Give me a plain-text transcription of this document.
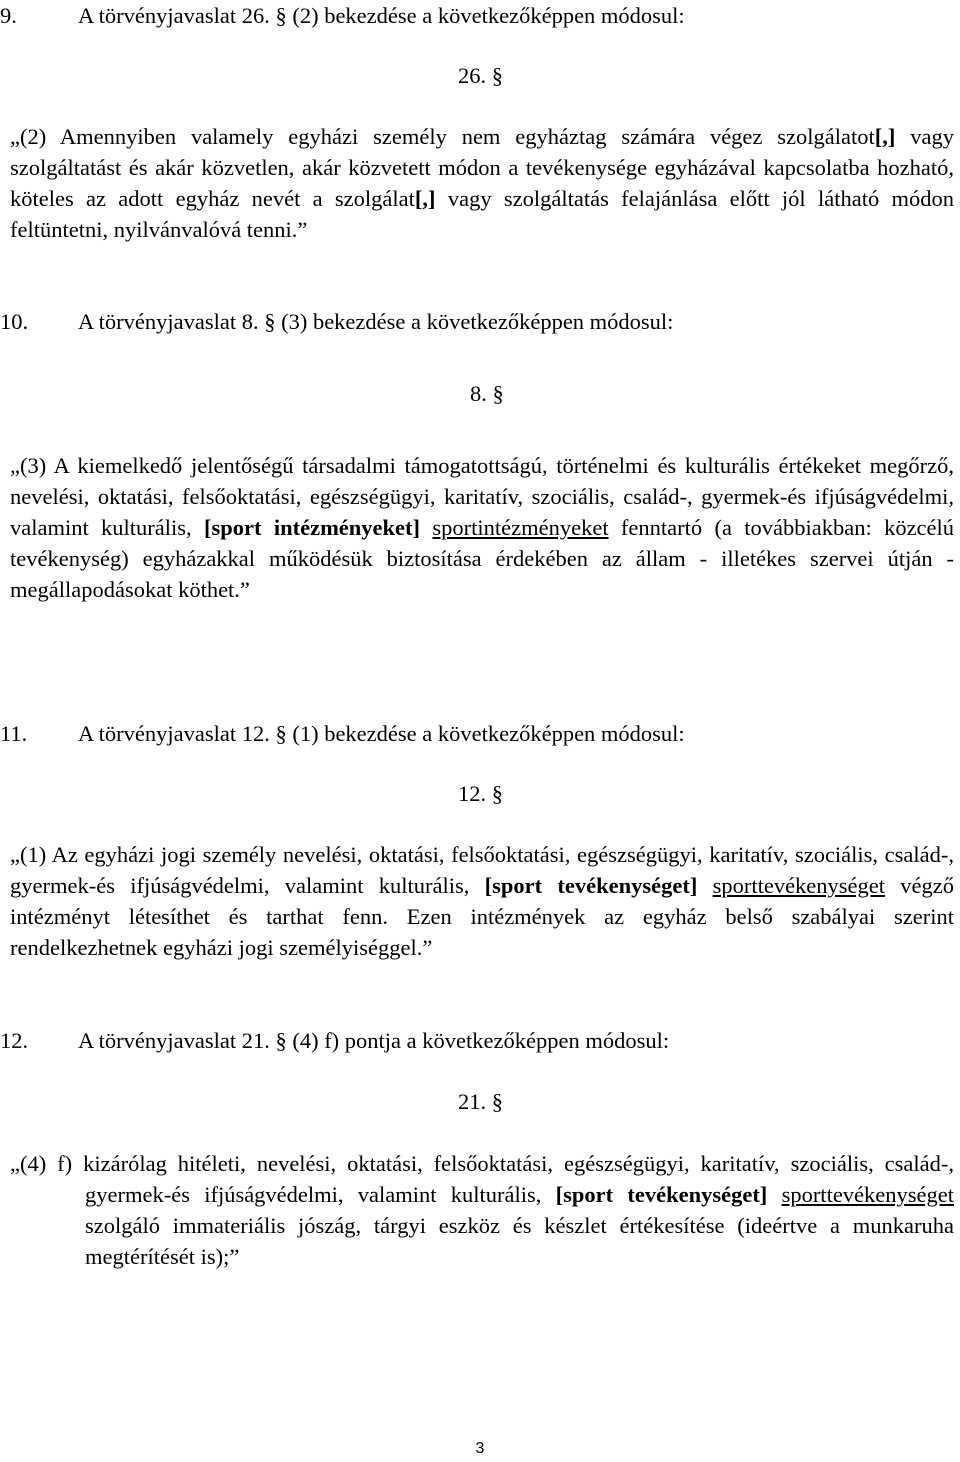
9.	A törvényjavaslat 26. § (2) bekezdése a következőképpen módosul:
26. §

„(2) Amennyiben valamely egyházi személy nem egyháztag számára végez szolgálatot[,] vagy szolgáltatást és akár közvetlen, akár közvetett módon a tevékenysége egyházával kapcsolatba hozható, köteles az adott egyház nevét a szolgálat[,] vagy szolgáltatás felajánlása előtt jól látható módon feltüntetni, nyilvánvalóvá tenni.”

10. A törvényjavaslat 8. § (3) bekezdése a következőképpen módosul:
8. §

„(3) A kiemelkedő jelentőségű társadalmi támogatottságú, történelmi és kulturális értékeket megőrző, nevelési, oktatási, felsőoktatási, egészségügyi, karitatív, szociális, család-, gyermek-és ifjúságvédelmi, valamint kulturális, [sport intézményeket] sportintézményeket fenntartó (a továbbiakban: közcélú tevékenység) egyházakkal működésük biztosítása érdekében az állam - illetékes szervei útján - megállapodásokat köthet.”

11. A törvényjavaslat 12. § (1) bekezdése a következőképpen módosul:
12. §

„(1) Az egyházi jogi személy nevelési, oktatási, felsőoktatási, egészségügyi, karitatív, szociális, család-, gyermek-és ifjúságvédelmi, valamint kulturális, [sport tevékenységet] sporttevékenységet végző intézményt létesíthet és tarthat fenn. Ezen intézmények az egyház belső szabályai szerint rendelkezhetnek egyházi jogi személyiséggel.”

12. A törvényjavaslat 21. § (4) f) pontja a következőképpen módosul:
21. §

„(4) f) kizárólag hitéleti, nevelési, oktatási, felsőoktatási, egészségügyi, karitatív, szociális, család-, gyermek-és ifjúságvédelmi, valamint kulturális, [sport tevékenységet] sporttevékenységet szolgáló immateriális jószág, tárgyi eszköz és készlet értékesítése (ideértve a munkaruha megtérítését is);”

3
